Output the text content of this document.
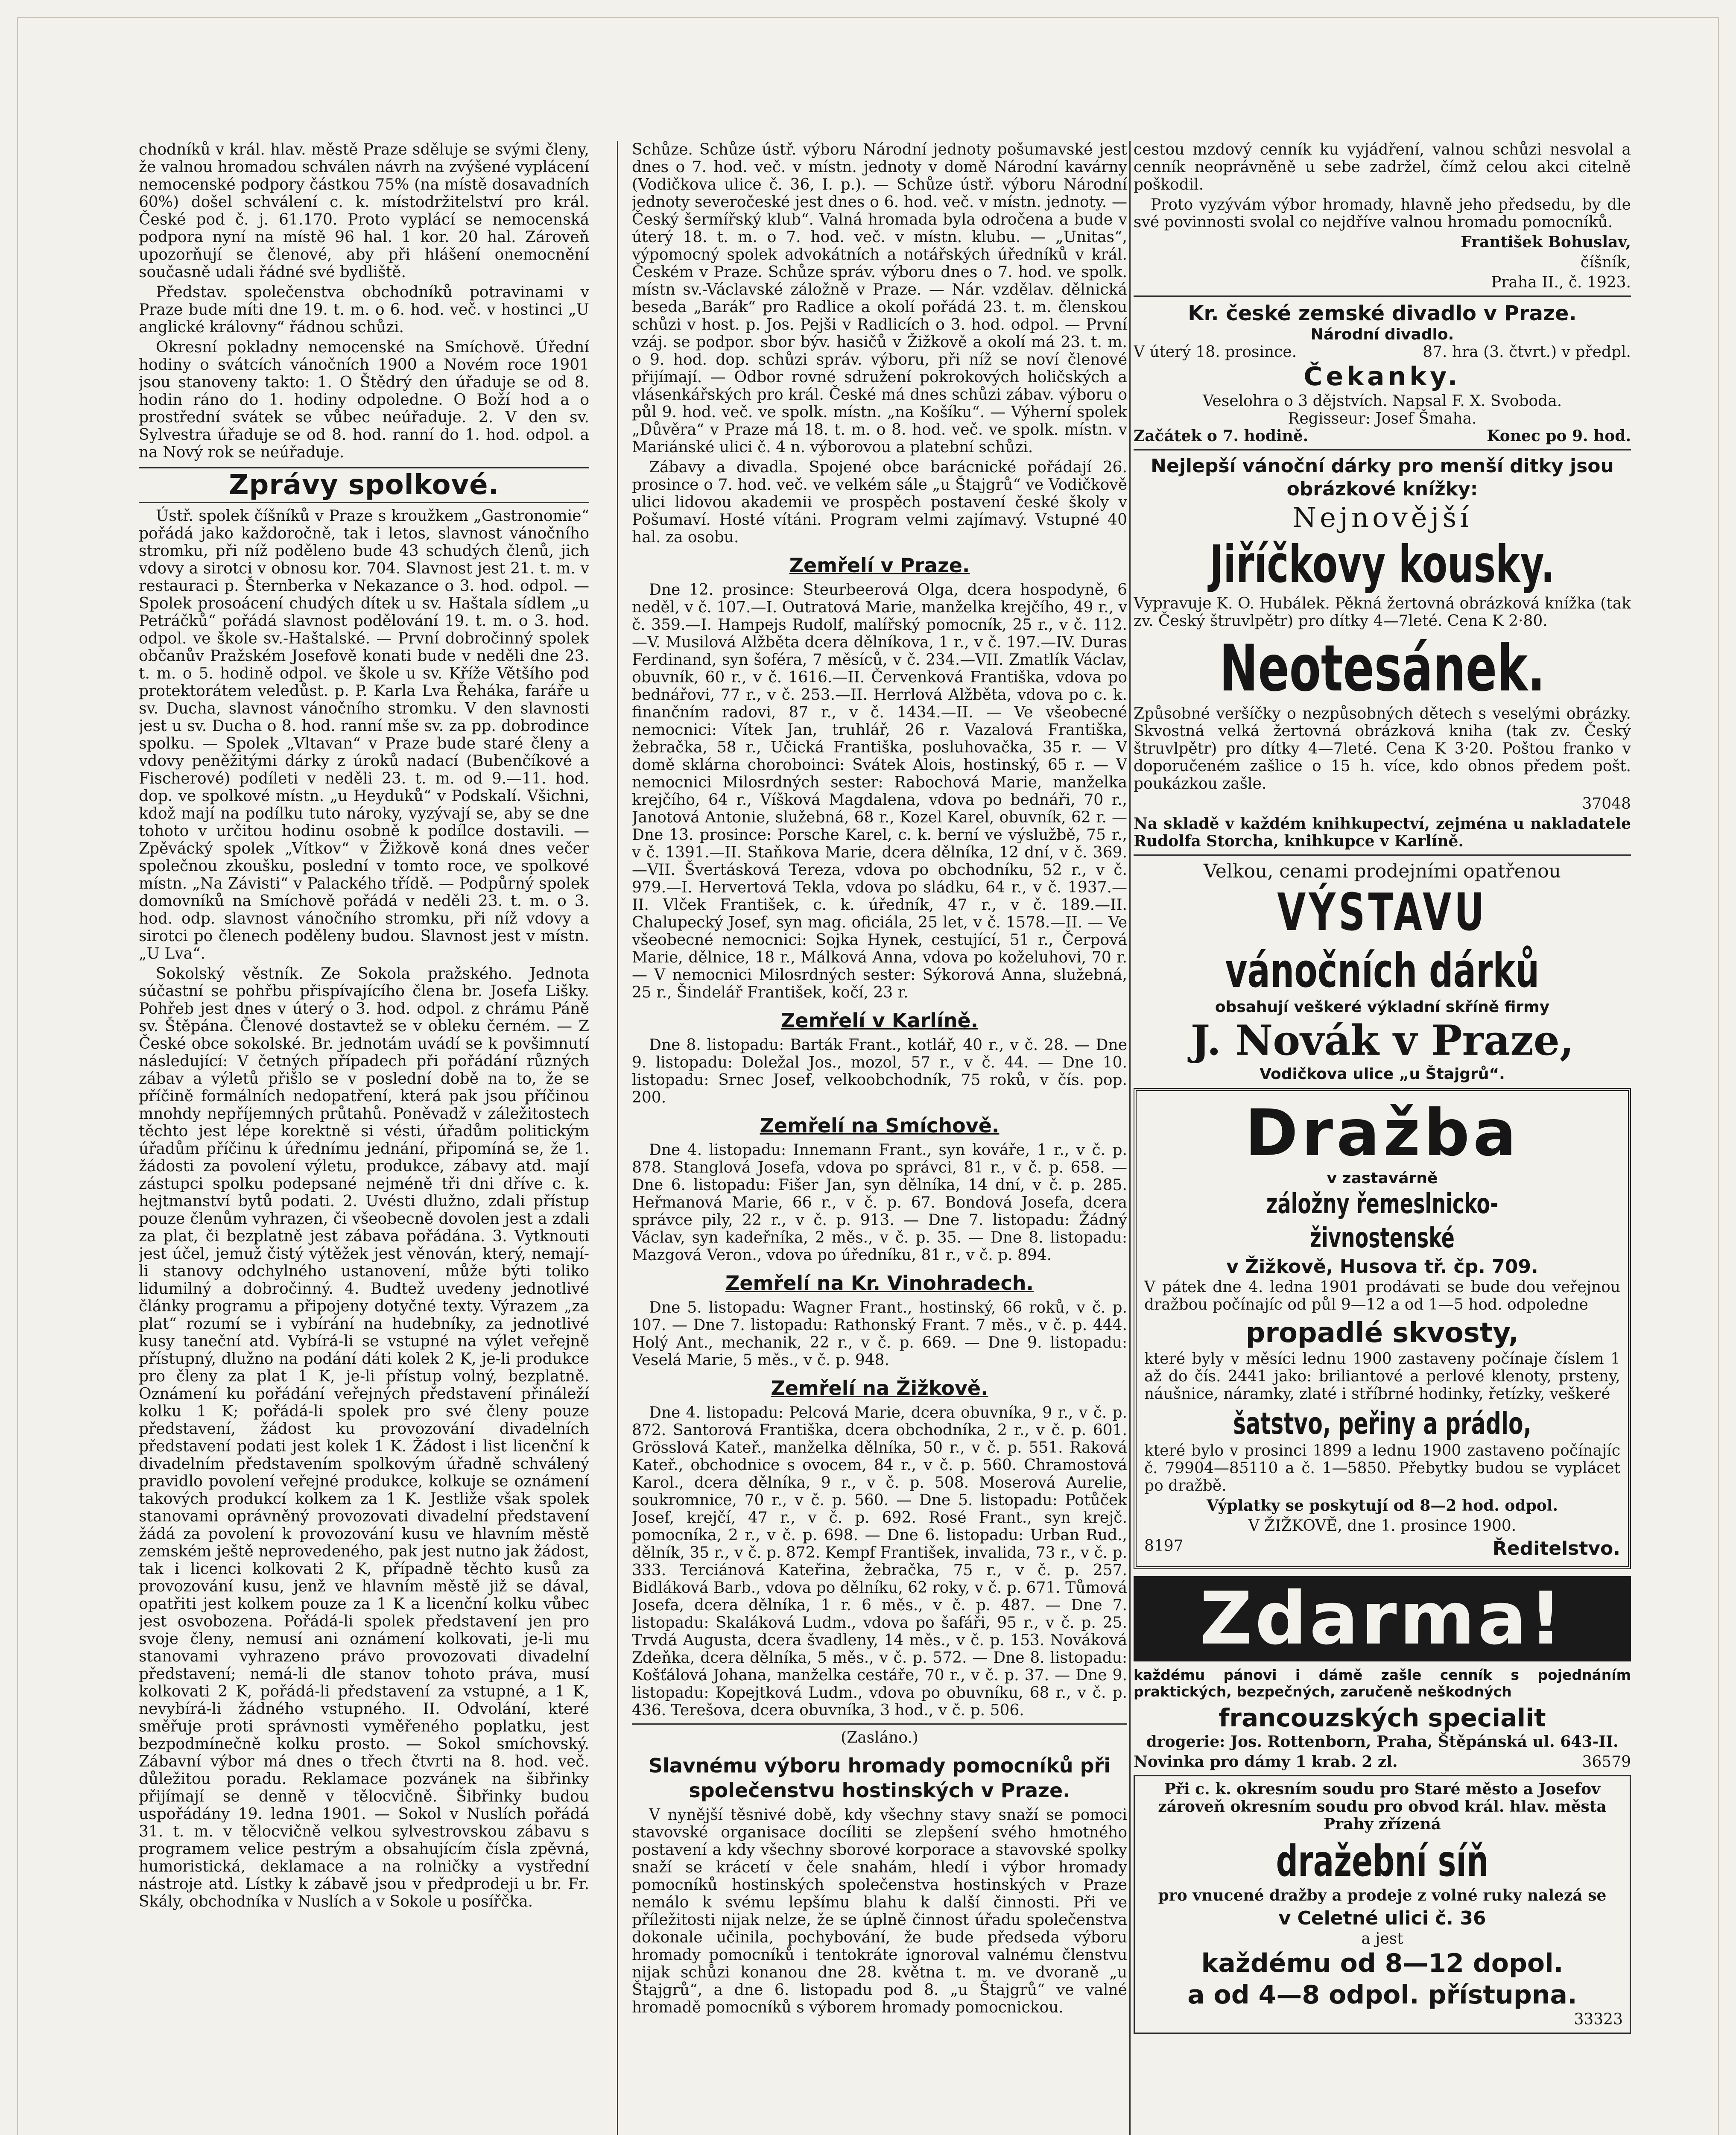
chodníků v král. hlav. městě Praze sděluje se svými členy, že valnou hromadou schválen návrh na zvýšené vyplácení nemocenské podpory částkou 75% (na místě dosavadních 60%) došel schválení c. k. místodržitelství pro král. České pod č. j. 61.170. Proto vyplácí se nemocenská podpora nyní na místě 96 hal. 1 kor. 20 hal. Zároveň upozorňují se členové, aby při hlášení onemocnění současně udali řádné své bydliště.

Představ. společenstva obchodníků potravinami v Praze bude míti dne 19. t. m. o 6. hod. več. v hostinci „U anglické královny“ řádnou schůzi.

Okresní pokladny nemocenské na Smíchově. Úřední hodiny o svátcích vánočních 1900 a Novém roce 1901 jsou stanoveny takto: 1. O Štědrý den úřaduje se od 8. hodin ráno do 1. hodiny odpoledne. O Boží hod a o prostřední svátek se vůbec neúřaduje. 2. V den sv. Sylvestra úřaduje se od 8. hod. ranní do 1. hod. odpol. a na Nový rok se neúřaduje.

Zprávy spolkové.

Ústř. spolek číšníků v Praze s kroužkem „Gastronomie“ pořádá jako každoročně, tak i letos, slavnost vánočního stromku, při níž poděleno bude 43 schudých členů, jich vdovy a sirotci v obnosu kor. 704. Slavnost jest 21. t. m. v restauraci p. Šternberka v Nekazance o 3. hod. odpol. — Spolek prosoácení chudých dítek u sv. Haštala sídlem „u Petráčků“ pořádá slavnost podělování 19. t. m. o 3. hod. odpol. ve škole sv.-Haštalské. — První dobročinný spolek občanův Pražském Josefově konati bude v neděli dne 23. t. m. o 5. hodině odpol. ve škole u sv. Kříže Většího pod protektorátem veledůst. p. P. Karla Lva Řeháka, faráře u sv. Ducha, slavnost vánočního stromku. V den slavnosti jest u sv. Ducha o 8. hod. ranní mše sv. za pp. dobrodince spolku. — Spolek „Vltavan“ v Praze bude staré členy a vdovy peněžitými dárky z úroků nadací (Bubenčíkové a Fischerové) podíleti v neděli 23. t. m. od 9.—11. hod. dop. ve spolkové místn. „u Heyduků“ v Podskalí. Všichni, kdož mají na podílku tuto nároky, vyzývají se, aby se dne tohoto v určitou hodinu osobně k podílce dostavili. — Zpěvácký spolek „Vítkov“ v Žižkově koná dnes večer společnou zkoušku, poslední v tomto roce, ve spolkové místn. „Na Závisti“ v Palackého třídě. — Podpůrný spolek domovníků na Smíchově pořádá v neděli 23. t. m. o 3. hod. odp. slavnost vánočního stromku, při níž vdovy a sirotci po členech poděleny budou. Slavnost jest v místn. „U Lva“.

Sokolský věstník. Ze Sokola pražského. Jednota súčastní se pohřbu přispívajícího člena br. Josefa Lišky. Pohřeb jest dnes v úterý o 3. hod. odpol. z chrámu Páně sv. Štěpána. Členové dostavtež se v obleku černém. — Z České obce sokolské. Br. jednotám uvádí se k povšimnutí následující: V četných případech při pořádání různých zábav a výletů přišlo se v poslední době na to, že se příčině formálních nedopatření, která pak jsou příčinou mnohdy nepříjemných průtahů. Poněvadž v záležitostech těchto jest lépe korektně si vésti, úřadům politickým úřadům příčinu k úřednímu jednání, připomíná se, že 1. žádosti za povolení výletu, produkce, zábavy atd. mají zástupci spolku podepsané nejméně tři dni dříve c. k. hejtmanství bytů podati. 2. Uvésti dlužno, zdali přístup pouze členům vyhrazen, či všeobecně dovolen jest a zdali za plat, či bezplatně jest zábava pořádána. 3. Vytknouti jest účel, jemuž čistý výtěžek jest věnován, který, nemají-li stanovy odchylného ustanovení, může býti toliko lidumilný a dobročinný. 4. Budtež uvedeny jednotlivé články programu a připojeny dotyčné texty. Výrazem „za plat“ rozumí se i vybírání na hudebníky, za jednotlivé kusy taneční atd. Vybírá-li se vstupné na výlet veřejně přístupný, dlužno na podání dáti kolek 2 K, je-li produkce pro členy za plat 1 K, je-li přístup volný, bezplatně. Oznámení ku pořádání veřejných představení přináleží kolku 1 K; pořádá-li spolek pro své členy pouze představení, žádost ku provozování divadelních představení podati jest kolek 1 K. Žádost i list licenční k divadelním představením spolkovým úřadně schválený pravidlo povolení veřejné produkce, kolkuje se oznámení takových produkcí kolkem za 1 K. Jestliže však spolek stanovami oprávněný provozovati divadelní představení žádá za povolení k provozování kusu ve hlavním městě zemském ještě neprovedeného, pak jest nutno jak žádost, tak i licenci kolkovati 2 K, případně těchto kusů za provozování kusu, jenž ve hlavním městě již se dával, opatřiti jest kolkem pouze za 1 K a licenční kolku vůbec jest osvobozena. Pořádá-li spolek představení jen pro svoje členy, nemusí ani oznámení kolkovati, je-li mu stanovami vyhrazeno právo provozovati divadelní představení; nemá-li dle stanov tohoto práva, musí kolkovati 2 K, pořádá-li představení za vstupné, a 1 K, nevybírá-li žádného vstupného. II. Odvolání, které směřuje proti správnosti vyměřeného poplatku, jest bezpodmínečně kolku prosto. — Sokol smíchovský. Zábavní výbor má dnes o třech čtvrti na 8. hod. več. důležitou poradu. Reklamace pozvánek na šibřinky přijímají se denně v tělocvičně. Šibřinky budou uspořádány 19. ledna 1901. — Sokol v Nuslích pořádá 31. t. m. v tělocvičně velkou sylvestrovskou zábavu s programem velice pestrým a obsahujícím čísla zpěvná, humoristická, deklamace a na rolničky a vystřední nástroje atd. Lístky k zábavě jsou v předprodeji u br. Fr. Skály, obchodníka v Nuslích a v Sokole u posířčka.

Schůze. Schůze ústř. výboru Národní jednoty pošumavské jest dnes o 7. hod. več. v místn. jednoty v domě Národní kavárny (Vodičkova ulice č. 36, I. p.). — Schůze ústř. výboru Národní jednoty severočeské jest dnes o 6. hod. več. v místn. jednoty. — Český šermířský klub“. Valná hromada byla odročena a bude v úterý 18. t. m. o 7. hod. več. v místn. klubu. — „Unitas“, výpomocný spolek advokátních a notářských úředníků v král. Českém v Praze. Schůze správ. výboru dnes o 7. hod. ve spolk. místn sv.-Václavské záložně v Praze. — Nár. vzdělav. dělnická beseda „Barák“ pro Radlice a okolí pořádá 23. t. m. členskou schůzi v host. p. Jos. Pejši v Radlicích o 3. hod. odpol. — První vzáj. se podpor. sbor býv. hasičů v Žižkově a okolí má 23. t. m. o 9. hod. dop. schůzi správ. výboru, při níž se noví členové přijímají. — Odbor rovné sdružení pokrokových holičských a vlásenkářských pro král. České má dnes schůzi zábav. výboru o půl 9. hod. več. ve spolk. místn. „na Košíku“. — Výherní spolek „Důvěra“ v Praze má 18. t. m. o 8. hod. več. ve spolk. místn. v Mariánské ulici č. 4 n. výborovou a platební schůzi.

Zábavy a divadla. Spojené obce barácnické pořádají 26. prosince o 7. hod. več. ve velkém sále „u Štajgrů“ ve Vodičkově ulici lidovou akademii ve prospěch postavení české školy v Pošumaví. Hosté vítáni. Program velmi zajímavý. Vstupné 40 hal. za osobu.

Zemřelí v Praze.

Dne 12. prosince: Steurbeerová Olga, dcera hospodyně, 6 neděl, v č. 107.—I. Outratová Marie, manželka krejčího, 49 r., v č. 359.—I. Hampejs Rudolf, malířský pomocník, 25 r., v č. 112.—V. Musilová Alžběta dcera dělníkova, 1 r., v č. 197.—IV. Duras Ferdinand, syn šoféra, 7 měsíců, v č. 234.—VII. Zmatlík Václav, obuvník, 60 r., v č. 1616.—II. Červenková Františka, vdova po bednářovi, 77 r., v č. 253.—II. Herrlová Alžběta, vdova po c. k. finančním radovi, 87 r., v č. 1434.—II. — Ve všeobecné nemocnici: Vítek Jan, truhlář, 26 r. Vazalová Františka, žebračka, 58 r., Učická Františka, posluhovačka, 35 r. — V domě sklárna choroboinci: Svátek Alois, hostinský, 65 r. — V nemocnici Milosrdných sester: Rabochová Marie, manželka krejčího, 64 r., Víšková Magdalena, vdova po bednáři, 70 r., Janotová Antonie, služebná, 68 r., Kozel Karel, obuvník, 62 r. — Dne 13. prosince: Porsche Karel, c. k. berní ve výslužbě, 75 r., v č. 1391.—II. Staňkova Marie, dcera dělníka, 12 dní, v č. 369.—VII. Švertásková Tereza, vdova po obchodníku, 52 r., v č. 979.—I. Hervertová Tekla, vdova po sládku, 64 r., v č. 1937.—II. Vlček František, c. k. úředník, 47 r., v č. 189.—II. Chalupecký Josef, syn mag. oficiála, 25 let, v č. 1578.—II. — Ve všeobecné nemocnici: Sojka Hynek, cestující, 51 r., Čerpová Marie, dělnice, 18 r., Málková Anna, vdova po koželuhovi, 70 r. — V nemocnici Milosrdných sester: Sýkorová Anna, služebná, 25 r., Šindelář František, kočí, 23 r.

Zemřelí v Karlíně.

Dne 8. listopadu: Barták Frant., kotlář, 40 r., v č. 28. — Dne 9. listopadu: Doležal Jos., mozol, 57 r., v č. 44. — Dne 10. listopadu: Srnec Josef, velkoobchodník, 75 roků, v čís. pop. 200.

Zemřelí na Smíchově.

Dne 4. listopadu: Innemann Frant., syn kováře, 1 r., v č. p. 878. Stanglová Josefa, vdova po správci, 81 r., v č. p. 658. — Dne 6. listopadu: Fišer Jan, syn dělníka, 14 dní, v č. p. 285. Heřmanová Marie, 66 r., v č. p. 67. Bondová Josefa, dcera správce pily, 22 r., v č. p. 913. — Dne 7. listopadu: Žádný Václav, syn kadeřníka, 2 měs., v č. p. 35. — Dne 8. listopadu: Mazgová Veron., vdova po úředníku, 81 r., v č. p. 894.

Zemřelí na Kr. Vinohradech.

Dne 5. listopadu: Wagner Frant., hostinský, 66 roků, v č. p. 107. — Dne 7. listopadu: Rathonský Frant. 7 měs., v č. p. 444. Holý Ant., mechanik, 22 r., v č. p. 669. — Dne 9. listopadu: Veselá Marie, 5 měs., v č. p. 948.

Zemřelí na Žižkově.

Dne 4. listopadu: Pelcová Marie, dcera obuvníka, 9 r., v č. p. 872. Santorová Františka, dcera obchodníka, 2 r., v č. p. 601. Grösslová Kateř., manželka dělníka, 50 r., v č. p. 551. Raková Kateř., obchodnice s ovocem, 84 r., v č. p. 560. Chramostová Karol., dcera dělníka, 9 r., v č. p. 508. Moserová Aurelie, soukromnice, 70 r., v č. p. 560. — Dne 5. listopadu: Potůček Josef, krejčí, 47 r., v č. p. 692. Rosé Frant., syn krejč. pomocníka, 2 r., v č. p. 698. — Dne 6. listopadu: Urban Rud., dělník, 35 r., v č. p. 872. Kempf František, invalida, 73 r., v č. p. 333. Terciánová Kateřina, žebračka, 75 r., v č. p. 257. Bidláková Barb., vdova po dělníku, 62 roky, v č. p. 671. Tůmová Josefa, dcera dělníka, 1 r. 6 měs., v č. p. 487. — Dne 7. listopadu: Skaláková Ludm., vdova po šafáři, 95 r., v č. p. 25. Trvdá Augusta, dcera švadleny, 14 měs., v č. p. 153. Nováková Zdeňka, dcera dělníka, 5 měs., v č. p. 572. — Dne 8. listopadu: Košťálová Johana, manželka cestáře, 70 r., v č. p. 37. — Dne 9. listopadu: Kopejtková Ludm., vdova po obuvníku, 68 r., v č. p. 436. Terešova, dcera obuvníka, 3 hod., v č. p. 506.

(Zasláno.)

Slavnému výboru hromady pomocníků při společenstvu hostinských v Praze.

V nynější těsnivé době, kdy všechny stavy snaží se pomoci stavovské organisace docíliti se zlepšení svého hmotného postavení a kdy všechny sborové korporace a stavovské spolky snaží se krácetí v čele snahám, hledí i výbor hromady pomocníků hostinských společenstva hostinských v Praze nemálo k svému lepšímu blahu k další činnosti. Při ve příležitosti nijak nelze, že se úplně činnost úřadu společenstva dokonale učinila, pochybování, že bude předseda výboru hromady pomocníků i tentokráte ignoroval valnému členstvu nijak schůzi konanou dne 28. května t. m. ve dvoraně „u Štajgrů“, a dne 6. listopadu pod 8. „u Štajgrů“ ve valné hromadě pomocníků s výborem hromady pomocnickou.

cestou mzdový cenník ku vyjádření, valnou schůzi nesvolal a cenník neoprávněně u sebe zadržel, čímž celou akci citelně poškodil.

Proto vyzývám výbor hromady, hlavně jeho předsedu, by dle své povinnosti svolal co nejdříve valnou hromadu pomocníků.

František Bohuslav,

číšník,

Praha II., č. 1923.

Kr. české zemské divadlo v Praze.
Národní divadlo.
V úterý 18. prosince.	87. hra (3. čtvrt.) v předpl.
Čekanky.
Veselohra o 3 dějstvích. Napsal F. X. Svoboda.
Regisseur: Josef Šmaha.
Začátek o 7. hodině.	Konec po 9. hod.
Nejlepší vánoční dárky pro menší ditky jsou obrázkové knížky:
Nejnovější
Jiříčkovy kousky.

Vypravuje K. O. Hubálek. Pěkná žertovná obrázková knížka (tak zv. Český štruvlpětr) pro dítky 4—7leté. Cena K 2·80.

Neotesánek.

Způsobné veršíčky o nezpůsobných dětech s veselými obrázky. Skvostná velká žertovná obrázková kniha (tak zv. Český štruvlpětr) pro dítky 4—7leté. Cena K 3·20. Poštou franko v doporučeném zašlice o 15 h. více, kdo obnos předem pošt. poukázkou zašle.

37048

Na skladě v každém knihkupectví, zejména u nakladatele Rudolfa Storcha, knihkupce v Karlíně.

Velkou, cenami prodejními opatřenou
VÝSTAVU
vánočních dárků
obsahují veškeré výkladní skříně firmy
J. Novák v Praze,
Vodičkova ulice „u Štajgrů“.
Dražba
v zastavárně
záložny řemeslnicko-živnostenské
v Žižkově, Husova tř. čp. 709.

V pátek dne 4. ledna 1901 prodávati se bude dou veřejnou dražbou počínajíc od půl 9—12 a od 1—5 hod. odpoledne

propadlé skvosty,

které byly v měsíci lednu 1900 zastaveny počínaje číslem 1 až do čís. 2441 jako: briliantové a perlové klenoty, prsteny, náušnice, náramky, zlaté i stříbrné hodinky, řetízky, veškeré

šatstvo, peřiny a prádlo,

které bylo v prosinci 1899 a lednu 1900 zastaveno počínajíc č. 79904—85110 a č. 1—5850. Přebytky budou se vyplácet po dražbě.

Výplatky se poskytují od 8—2 hod. odpol.

V ŽIŽKOVĚ, dne 1. prosince 1900.

8197	Ředitelstvo.
Zdarma!

každému pánovi i dámě zašle cenník s pojednáním praktických, bezpečných, zaručeně neškodných

francouzských specialit

drogerie: Jos. Rottenborn, Praha, Štěpánská ul. 643-II.

Novinka pro dámy 1 krab. 2 zl.	36579

Při c. k. okresním soudu pro Staré město a Josefov zároveň okresním soudu pro obvod král. hlav. města Prahy zřízená

dražební síň

pro vnucené dražby a prodeje z volné ruky nalezá se

v Celetné ulici č. 36
a jest
každému od 8—12 dopol.
a od 4—8 odpol. přístupna.
33323
